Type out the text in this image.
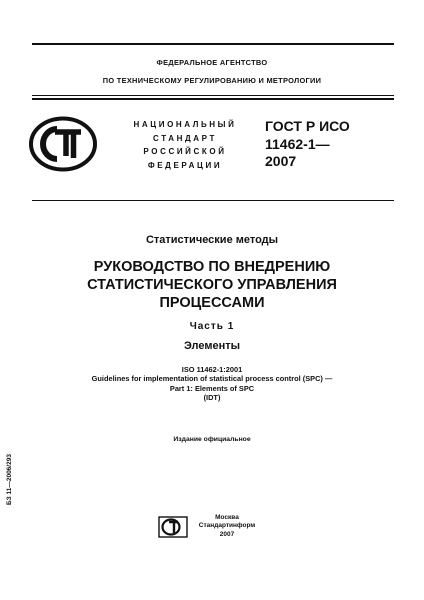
ФЕДЕРАЛЬНОЕ АГЕНТСТВО
ПО ТЕХНИЧЕСКОМУ РЕГУЛИРОВАНИЮ И МЕТРОЛОГИИ
НАЦИОНАЛЬНЫЙ
СТАНДАРТ
РОССИЙСКОЙ
ФЕДЕРАЦИИ
ГОСТ Р ИСО
11462-1—
2007
Статистические методы
РУКОВОДСТВО ПО ВНЕДРЕНИЮ
СТАТИСТИЧЕСКОГО УПРАВЛЕНИЯ
ПРОЦЕССАМИ
Часть 1
Элементы
ISO 11462-1:2001
Guidelines for implementation of statistical process control (SPC) —
Part 1: Elements of SPC
(IDT)
Издание официальное
БЗ 11—2006/293
Москва
Стандартинформ
2007
